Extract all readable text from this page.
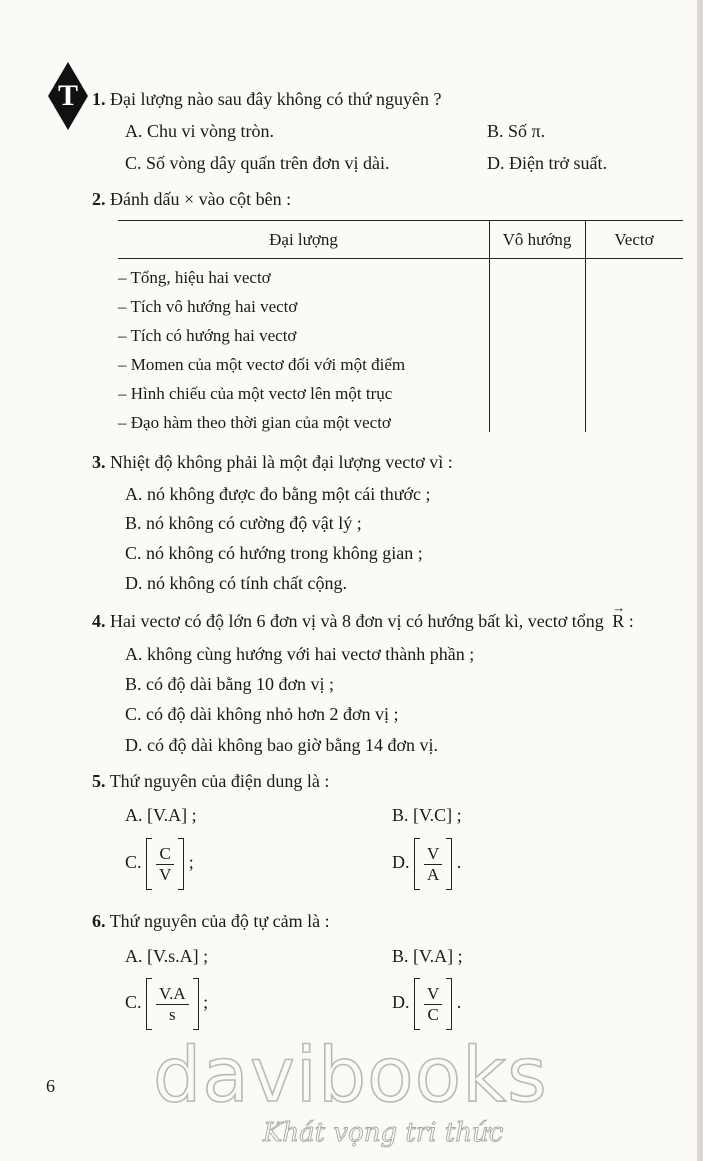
T 1. Đại lượng nào sau đây không có thứ nguyên ?
A. Chu vi vòng tròn.	B. Số π.
C. Số vòng dây quấn trên đơn vị dài.	D. Điện trở suất.
2. Đánh dấu × vào cột bên :
Đại lượng	Vô hướng	Vectơ
– Tổng, hiệu hai vectơ
– Tích vô hướng hai vectơ
– Tích có hướng hai vectơ
– Momen của một vectơ đối với một điểm
– Hình chiếu của một vectơ lên một trục
– Đạo hàm theo thời gian của một vectơ
3. Nhiệt độ không phải là một đại lượng vectơ vì :
A. nó không được đo bằng một cái thước ;
B. nó không có cường độ vật lý ;
C. nó không có hướng trong không gian ;
D. nó không có tính chất cộng.
4. Hai vectơ có độ lớn 6 đơn vị và 8 đơn vị có hướng bất kì, vectơ tổng
→
R :
A. không cùng hướng với hai vectơ thành phần ;
B. có độ dài bằng 10 đơn vị ;
C. có độ dài không nhỏ hơn 2 đơn vị ;
D. có độ dài không bao giờ bằng 14 đơn vị.
5. Thứ nguyên của điện dung là :
A. [V.A] ;	B. [V.C] ;
C. C
V
;	D. V
A
.
6. Thứ nguyên của độ tự cảm là :
A. [V.s.A] ;	B. [V.A] ;
C. V.A
s
;	D. V
C
.
6 davibooks
Khát vọng tri thức
